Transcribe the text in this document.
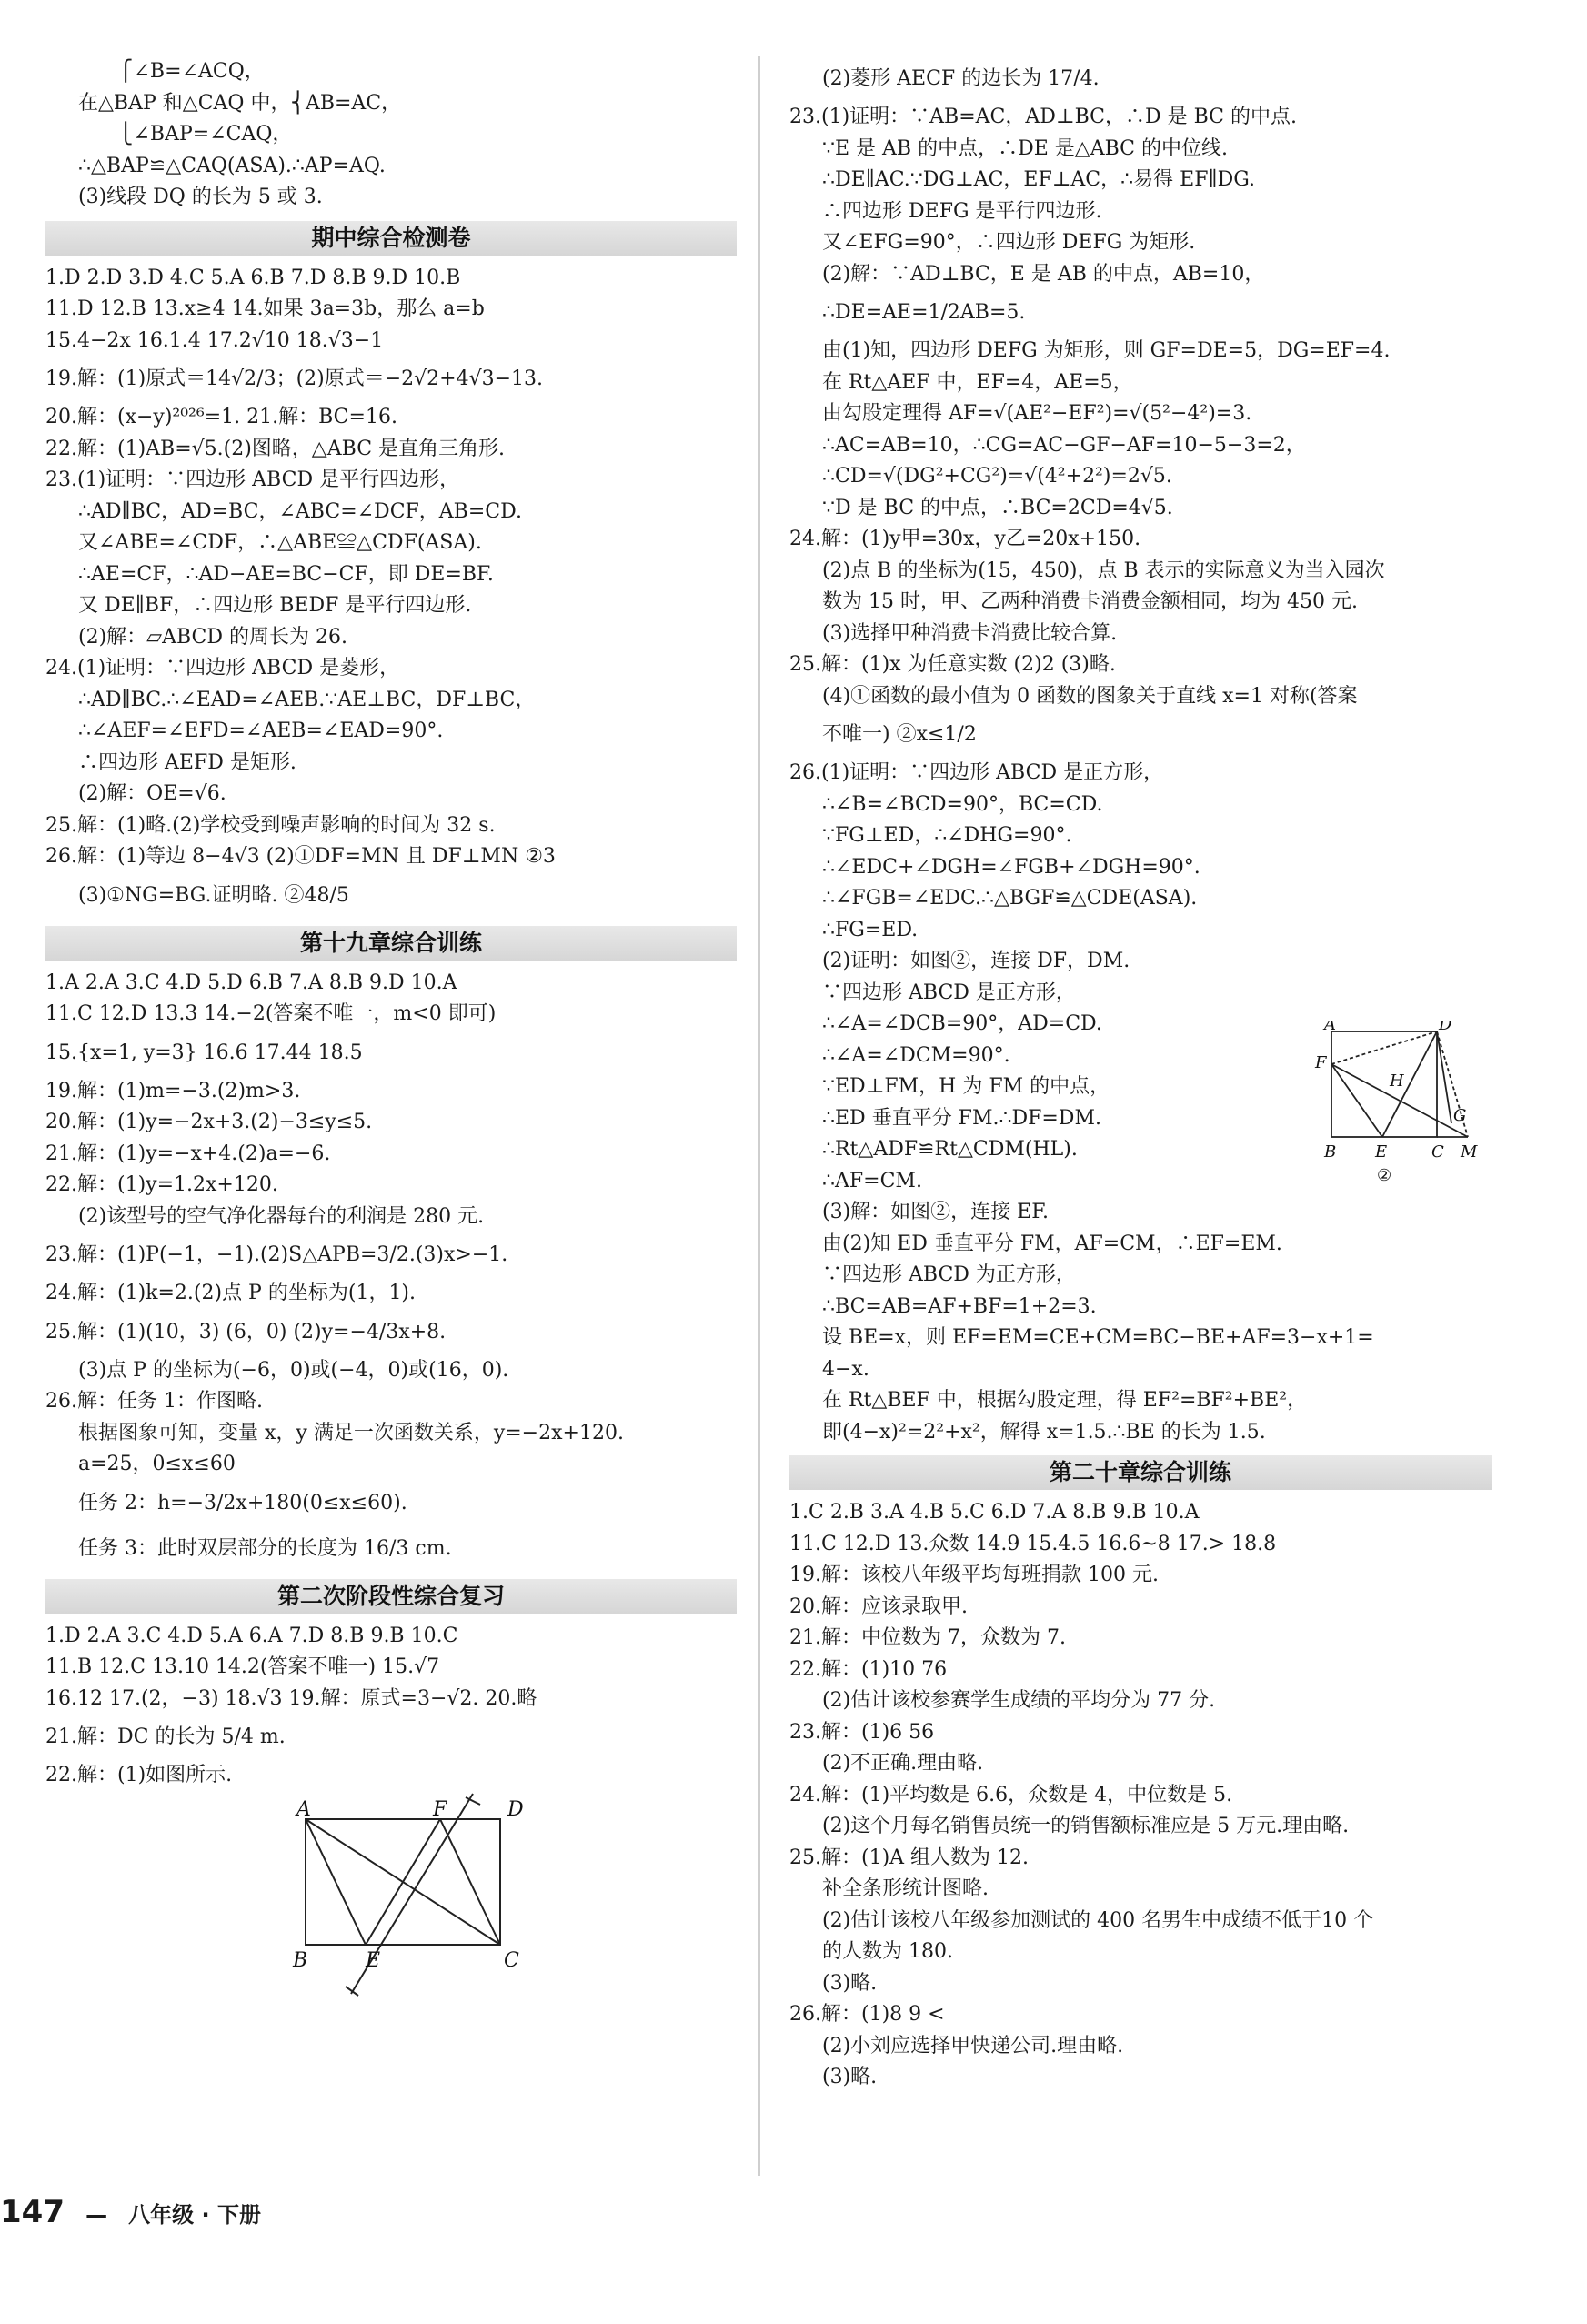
⎧∠B=∠ACQ，
在△BAP 和△CAQ 中，⎨AB=AC，
⎩∠BAP=∠CAQ，
∴△BAP≌△CAQ(ASA).∴AP=AQ.
(3)线段 DQ 的长为 5 或 3.
期中综合检测卷
1.D 2.D 3.D 4.C 5.A 6.B 7.D 8.B 9.D 10.B
11.D 12.B 13.x≥4 14.如果 3a=3b，那么 a=b
15.4−2x 16.1.4 17.2√10 18.√3−1
19.解：(1)原式＝14√2/3；(2)原式＝−2√2+4√3−13.
20.解：(x−y)²⁰²⁶=1. 21.解：BC=16.
22.解：(1)AB=√5.(2)图略，△ABC 是直角三角形.
23.(1)证明：∵四边形 ABCD 是平行四边形，
∴AD∥BC，AD=BC，∠ABC=∠DCF，AB=CD.
又∠ABE=∠CDF，∴△ABE≌△CDF(ASA).
∴AE=CF，∴AD−AE=BC−CF，即 DE=BF.
又 DE∥BF，∴四边形 BEDF 是平行四边形.
(2)解：▱ABCD 的周长为 26.
24.(1)证明：∵四边形 ABCD 是菱形，
∴AD∥BC.∴∠EAD=∠AEB.∵AE⊥BC，DF⊥BC，
∴∠AEF=∠EFD=∠AEB=∠EAD=90°.
∴四边形 AEFD 是矩形.
(2)解：OE=√6.
25.解：(1)略.(2)学校受到噪声影响的时间为 32 s.
26.解：(1)等边 8−4√3 (2)①DF=MN 且 DF⊥MN ②3
(3)①NG=BG.证明略. ②48/5
第十九章综合训练
1.A 2.A 3.C 4.D 5.D 6.B 7.A 8.B 9.D 10.A
11.C 12.D 13.3 14.−2(答案不唯一，m<0 即可)
15.{x=1, y=3} 16.6 17.44 18.5
19.解：(1)m=−3.(2)m>3.
20.解：(1)y=−2x+3.(2)−3≤y≤5.
21.解：(1)y=−x+4.(2)a=−6.
22.解：(1)y=1.2x+120.
(2)该型号的空气净化器每台的利润是 280 元.
23.解：(1)P(−1，−1).(2)S△APB=3/2.(3)x>−1.
24.解：(1)k=2.(2)点 P 的坐标为(1，1).
25.解：(1)(10，3) (6，0) (2)y=−4/3x+8.
(3)点 P 的坐标为(−6，0)或(−4，0)或(16，0).
26.解：任务 1：作图略.
根据图象可知，变量 x，y 满足一次函数关系，y=−2x+120.
a=25，0≤x≤60
任务 2：h=−3/2x+180(0≤x≤60).
任务 3：此时双层部分的长度为 16/3 cm.
第二次阶段性综合复习
1.D 2.A 3.C 4.D 5.A 6.A 7.D 8.B 9.B 10.C
11.B 12.C 13.10 14.2(答案不唯一) 15.√7
16.12 17.(2，−3) 18.√3 19.解：原式=3−√2. 20.略
21.解：DC 的长为 5/4 m.
22.解：(1)如图所示.
A	F	D
B	E	C
(2)菱形 AECF 的边长为 17/4.
23.(1)证明：∵AB=AC，AD⊥BC，∴D 是 BC 的中点.
∵E 是 AB 的中点，∴DE 是△ABC 的中位线.
∴DE∥AC.∵DG⊥AC，EF⊥AC，∴易得 EF∥DG.
∴四边形 DEFG 是平行四边形.
又∠EFG=90°，∴四边形 DEFG 为矩形.
(2)解：∵AD⊥BC，E 是 AB 的中点，AB=10，
∴DE=AE=1/2AB=5.
由(1)知，四边形 DEFG 为矩形，则 GF=DE=5，DG=EF=4.
在 Rt△AEF 中，EF=4，AE=5，
由勾股定理得 AF=√(AE²−EF²)=√(5²−4²)=3.
∴AC=AB=10，∴CG=AC−GF−AF=10−5−3=2，
∴CD=√(DG²+CG²)=√(4²+2²)=2√5.
∵D 是 BC 的中点，∴BC=2CD=4√5.
24.解：(1)y甲=30x，y乙=20x+150.
(2)点 B 的坐标为(15，450)，点 B 表示的实际意义为当入园次
数为 15 时，甲、乙两种消费卡消费金额相同，均为 450 元.
(3)选择甲种消费卡消费比较合算.
25.解：(1)x 为任意实数 (2)2 (3)略.
(4)①函数的最小值为 0 函数的图象关于直线 x=1 对称(答案
不唯一) ②x≤1/2
26.(1)证明：∵四边形 ABCD 是正方形，
∴∠B=∠BCD=90°，BC=CD.
∵FG⊥ED，∴∠DHG=90°.
∴∠EDC+∠DGH=∠FGB+∠DGH=90°.
∴∠FGB=∠EDC.∴△BGF≌△CDE(ASA).
∴FG=ED.
(2)证明：如图②，连接 DF，DM.
∵四边形 ABCD 是正方形，
∴∠A=∠DCB=90°，AD=CD.
∴∠A=∠DCM=90°.
∵ED⊥FM，H 为 FM 的中点，
∴ED 垂直平分 FM.∴DF=DM.
∴Rt△ADF≌Rt△CDM(HL).
∴AF=CM.
(3)解：如图②，连接 EF.
由(2)知 ED 垂直平分 FM，AF=CM，∴EF=EM.
∵四边形 ABCD 为正方形，
∴BC=AB=AF+BF=1+2=3.
设 BE=x，则 EF=EM=CE+CM=BC−BE+AF=3−x+1=
4−x.
在 Rt△BEF 中，根据勾股定理，得 EF²=BF²+BE²，
即(4−x)²=2²+x²，解得 x=1.5.∴BE 的长为 1.5.
第二十章综合训练
1.C 2.B 3.A 4.B 5.C 6.D 7.A 8.B 9.B 10.A
11.C 12.D 13.众数 14.9 15.4.5 16.6~8 17.> 18.8
19.解：该校八年级平均每班捐款 100 元.
20.解：应该录取甲.
21.解：中位数为 7，众数为 7.
22.解：(1)10 76
(2)估计该校参赛学生成绩的平均分为 77 分.
23.解：(1)6 56
(2)不正确.理由略.
24.解：(1)平均数是 6.6，众数是 4，中位数是 5.
(2)这个月每名销售员统一的销售额标准应是 5 万元.理由略.
25.解：(1)A 组人数为 12.
补全条形统计图略.
(2)估计该校八年级参加测试的 400 名男生中成绩不低于10 个
的人数为 180.
(3)略.
26.解：(1)8 9 <
(2)小刘应选择甲快递公司.理由略.
(3)略.
147 — 八年级 · 下册
A	D
F
H
G
B E	C M
②
